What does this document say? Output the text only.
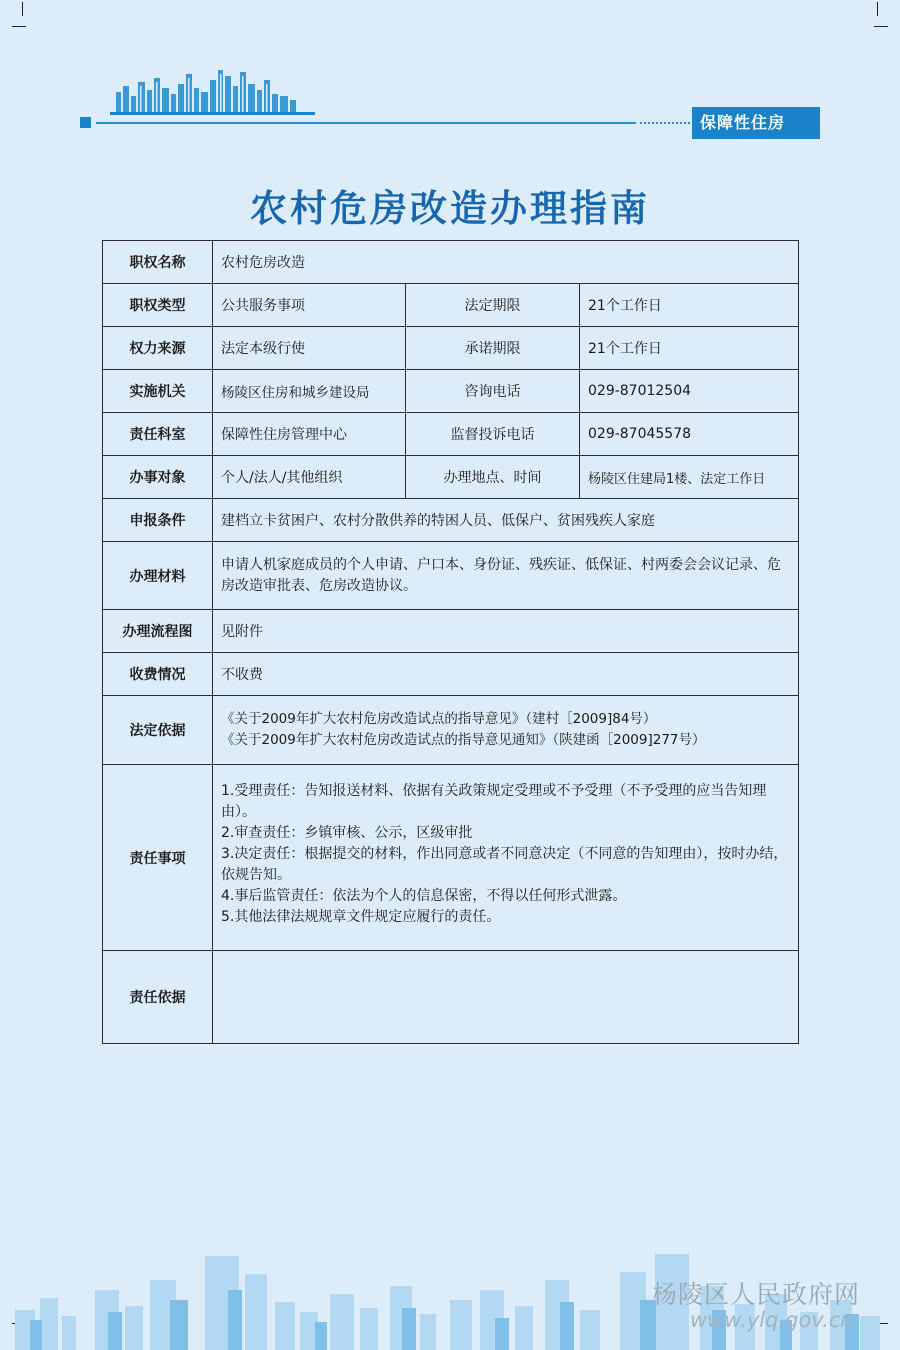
保障性住房
农村危房改造办理指南
职权名称	农村危房改造		
职权类型	公共服务事项	法定期限	21个工作日
权力来源	法定本级行使	承诺期限	21个工作日
实施机关	杨陵区住房和城乡建设局	咨询电话	029-87012504
责任科室	保障性住房管理中心	监督投诉电话	029-87045578
办事对象	个人/法人/其他组织	办理地点、时间	杨陵区住建局1楼、法定工作日
申报条件	建档立卡贫困户、农村分散供养的特困人员、低保户、贫困残疾人家庭		
办理材料	申请人机家庭成员的个人申请、户口本、身份证、残疾证、低保证、村两委会会议记录、危房改造审批表、危房改造协议。		
办理流程图	见附件		
收费情况	不收费		
法定依据	《关于2009年扩大农村危房改造试点的指导意见》（建村［2009]84号）
《关于2009年扩大农村危房改造试点的指导意见通知》（陕建函［2009]277号）		

责任事项	1.受理责任：告知报送材料、依据有关政策规定受理或不予受理（不予受理的应当告知理由）。
2.审查责任：乡镇审核、公示，区级审批
3.决定责任：根据提交的材料，作出同意或者不同意决定（不同意的告知理由），按时办结，依规告知。
4.事后监管责任：依法为个人的信息保密，不得以任何形式泄露。
5.其他法律法规规章文件规定应履行的责任。		

责任依据			
杨陵区人民政府网
www.ylq.gov.cn
